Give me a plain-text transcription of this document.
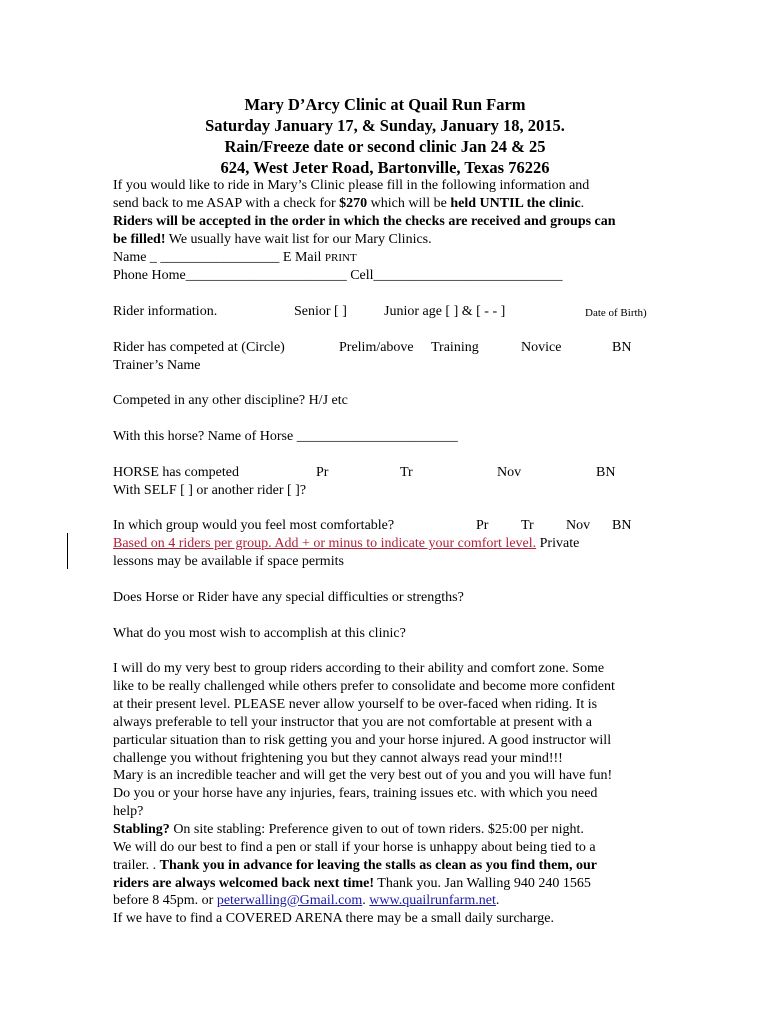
Mary D’Arcy Clinic at Quail Run Farm
Saturday January 17, & Sunday, January 18, 2015.
Rain/Freeze date or second clinic Jan 24 & 25
624, West Jeter Road, Bartonville, Texas 76226
If you would like to ride in Mary’s Clinic please fill in the following information and
send back to me ASAP with a check for $270 which will be held UNTIL the clinic.
Riders will be accepted in the order in which the checks are received and groups can
be filled! We usually have wait list for our Mary Clinics.
Name _ _________________ E Mail PRINT
Phone Home_______________________ Cell___________________________
Rider information.	Senior [ ]	Junior age [ ] & [ - - ]	Date of Birth)
Rider has competed at (Circle)	Prelim/above Training	Novice	BN
Trainer’s Name
Competed in any other discipline? H/J etc
With this horse? Name of Horse _______________________
HORSE has competed	Pr	Tr	Nov	BN
With SELF [ ] or another rider [ ]?
In which group would you feel most comfortable?	Pr Tr Nov BN
Based on 4 riders per group. Add + or minus to indicate your comfort level. Private
lessons may be available if space permits
Does Horse or Rider have any special difficulties or strengths?
What do you most wish to accomplish at this clinic?
I will do my very best to group riders according to their ability and comfort zone. Some
like to be really challenged while others prefer to consolidate and become more confident
at their present level. PLEASE never allow yourself to be over-faced when riding. It is
always preferable to tell your instructor that you are not comfortable at present with a
particular situation than to risk getting you and your horse injured. A good instructor will
challenge you without frightening you but they cannot always read your mind!!!
Mary is an incredible teacher and will get the very best out of you and you will have fun!
Do you or your horse have any injuries, fears, training issues etc. with which you need
help?
Stabling? On site stabling: Preference given to out of town riders. $25:00 per night.
We will do our best to find a pen or stall if your horse is unhappy about being tied to a
trailer. . Thank you in advance for leaving the stalls as clean as you find them, our
riders are always welcomed back next time! Thank you. Jan Walling 940 240 1565
before 8 45pm. or peterwalling@Gmail.com. www.quailrunfarm.net.
If we have to find a COVERED ARENA there may be a small daily surcharge.
